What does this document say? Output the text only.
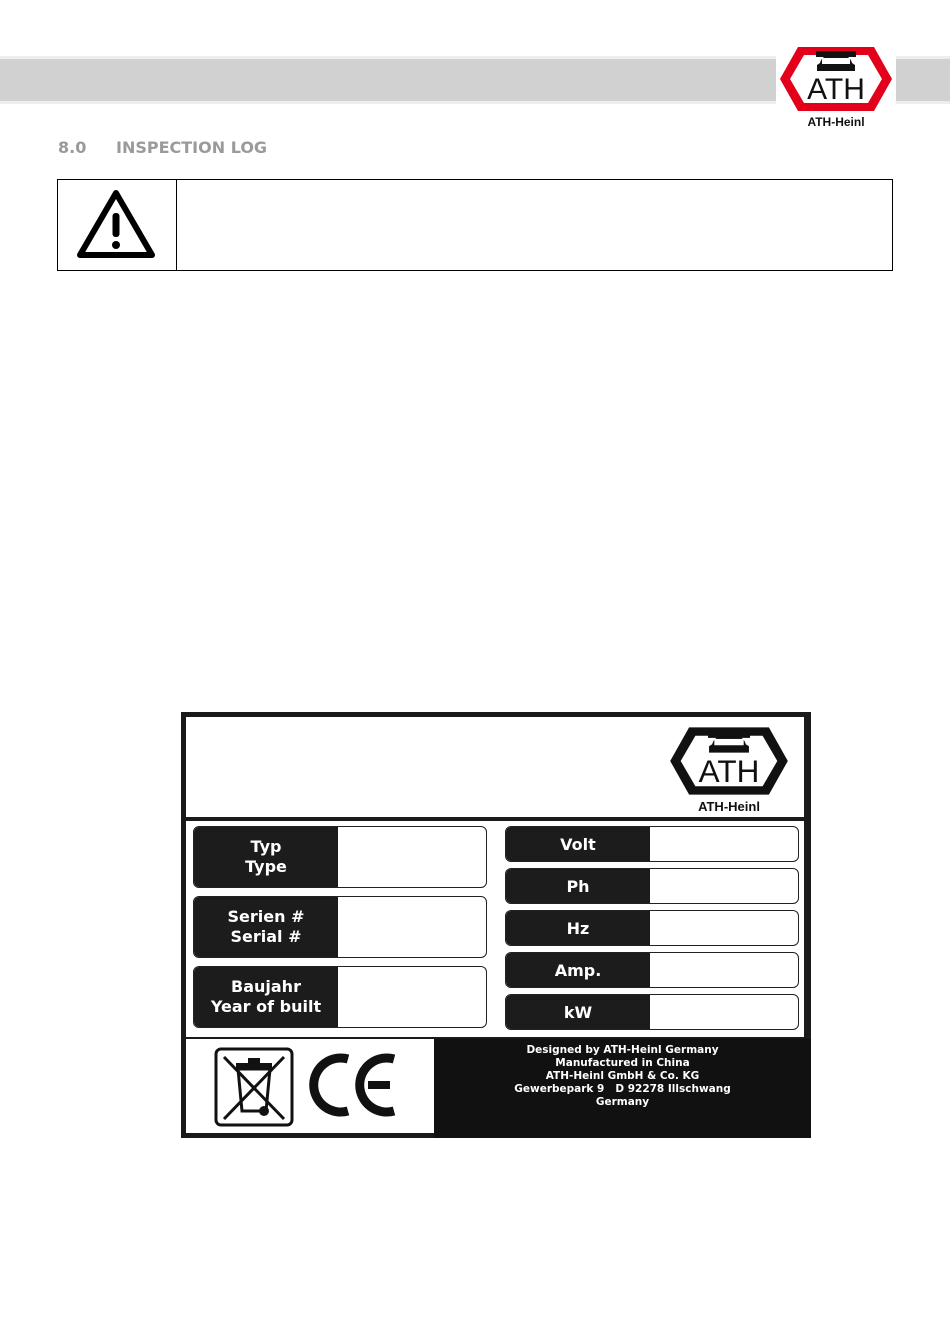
ATH
ATH-Heinl
8.0 INSPECTION LOG
ATH
ATH-Heinl
Typ
Type
Serien #
Serial #
Baujahr
Year of built
Volt
Ph
Hz
Amp.
kW
Designed by ATH-Heinl Germany
Manufactured in China
ATH-Heinl GmbH & Co. KG
Gewerbepark 9   D 92278 Illschwang
Germany
